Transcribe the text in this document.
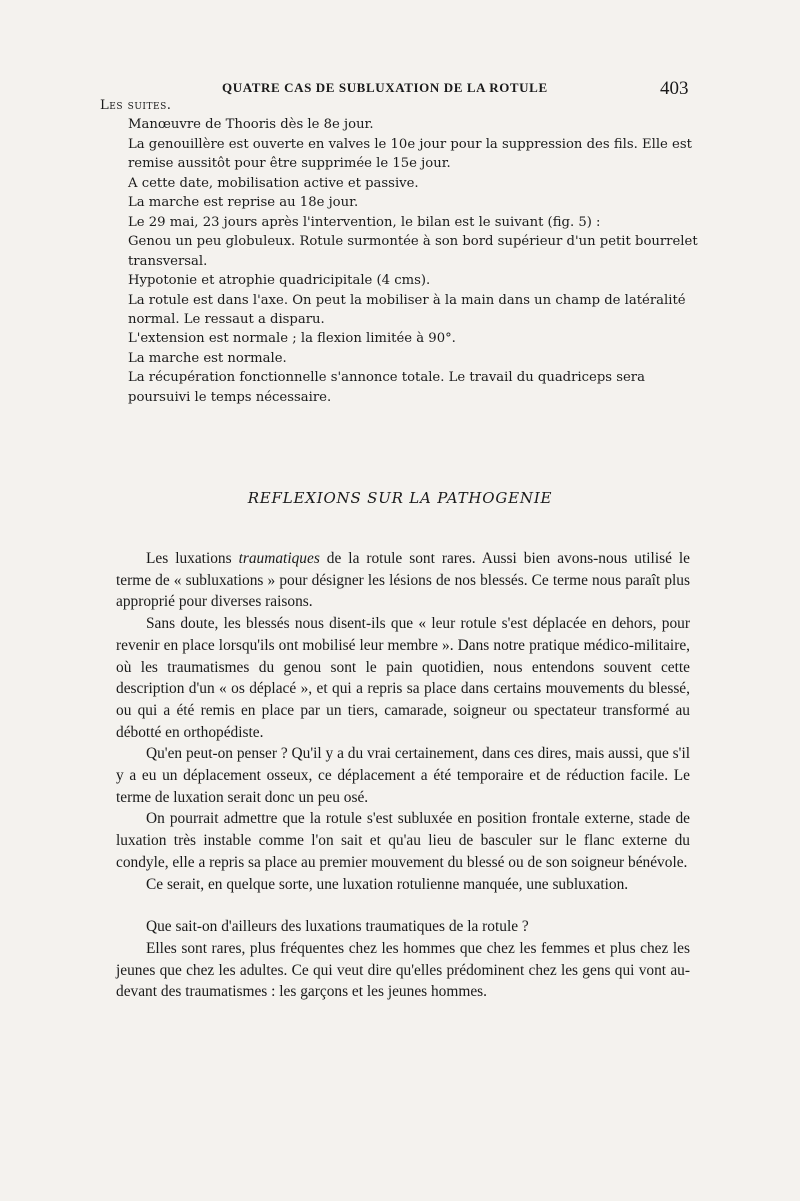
QUATRE CAS DE SUBLUXATION DE LA ROTULE	403

Les suites.

Manœuvre de Thooris dès le 8e jour.

La genouillère est ouverte en valves le 10e jour pour la suppression des fils. Elle est remise aussitôt pour être supprimée le 15e jour.

A cette date, mobilisation active et passive.

La marche est reprise au 18e jour.

Le 29 mai, 23 jours après l'intervention, le bilan est le suivant (fig. 5) :

Genou un peu globuleux. Rotule surmontée à son bord supérieur d'un petit bourrelet transversal.

Hypotonie et atrophie quadricipitale (4 cms).

La rotule est dans l'axe. On peut la mobiliser à la main dans un champ de latéralité normal. Le ressaut a disparu.

L'extension est normale ; la flexion limitée à 90°.

La marche est normale.

La récupération fonctionnelle s'annonce totale. Le travail du quadriceps sera poursuivi le temps nécessaire.

REFLEXIONS SUR LA PATHOGENIE

Les luxations traumatiques de la rotule sont rares. Aussi bien avons-nous utilisé le terme de « subluxations » pour désigner les lésions de nos blessés. Ce terme nous paraît plus approprié pour diverses raisons.

Sans doute, les blessés nous disent-ils que « leur rotule s'est déplacée en dehors, pour revenir en place lorsqu'ils ont mobilisé leur membre ». Dans notre pratique médico-militaire, où les traumatismes du genou sont le pain quotidien, nous entendons souvent cette description d'un « os déplacé », et qui a repris sa place dans certains mouvements du blessé, ou qui a été remis en place par un tiers, camarade, soigneur ou spectateur transformé au débotté en orthopédiste.

Qu'en peut-on penser ? Qu'il y a du vrai certainement, dans ces dires, mais aussi, que s'il y a eu un déplacement osseux, ce déplacement a été temporaire et de réduction facile. Le terme de luxation serait donc un peu osé.

On pourrait admettre que la rotule s'est subluxée en position frontale externe, stade de luxation très instable comme l'on sait et qu'au lieu de basculer sur le flanc externe du condyle, elle a repris sa place au premier mouvement du blessé ou de son soigneur bénévole.

Ce serait, en quelque sorte, une luxation rotulienne manquée, une subluxation.

Que sait-on d'ailleurs des luxations traumatiques de la rotule ?

Elles sont rares, plus fréquentes chez les hommes que chez les femmes et plus chez les jeunes que chez les adultes. Ce qui veut dire qu'elles prédominent chez les gens qui vont au-devant des traumatismes : les garçons et les jeunes hommes.
